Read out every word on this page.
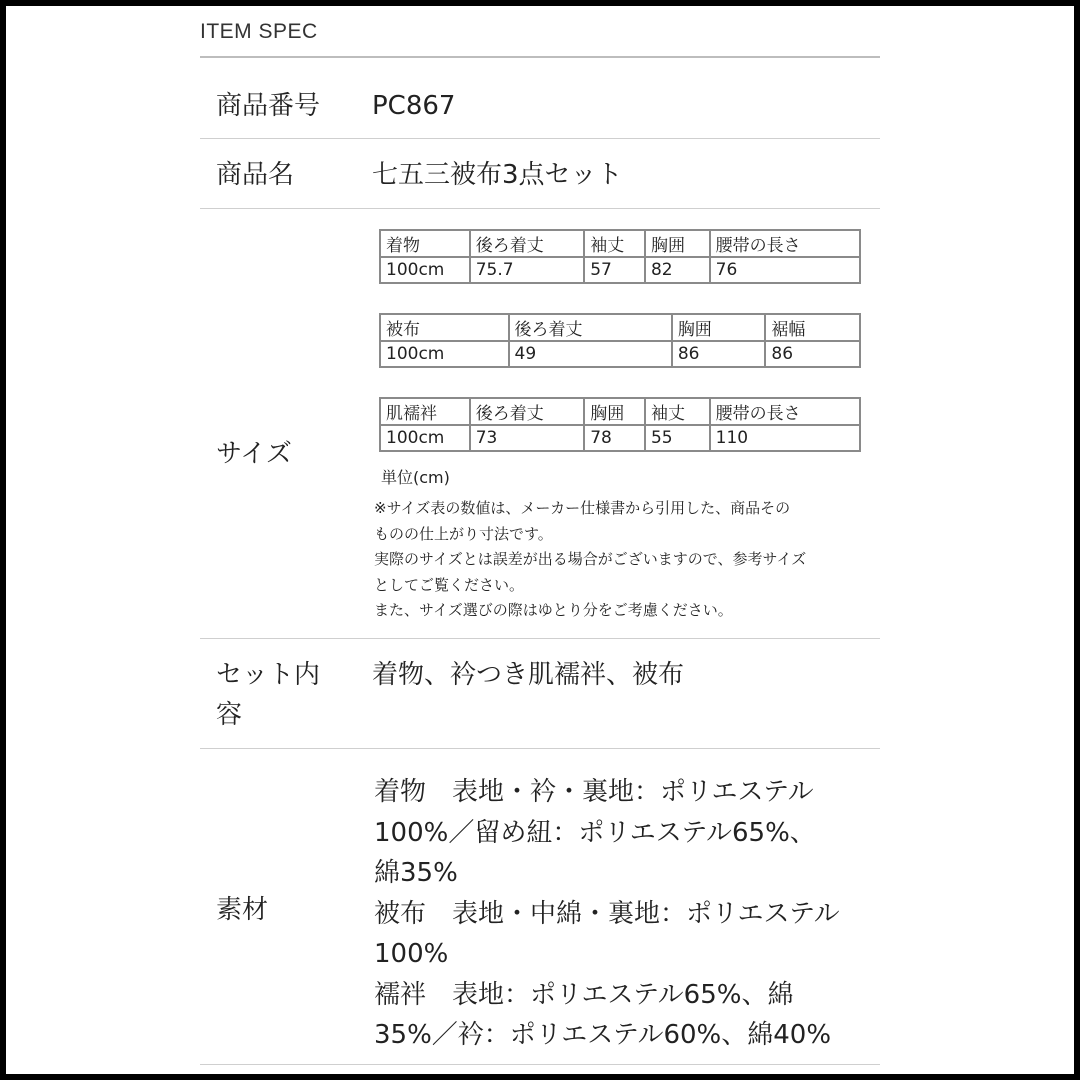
ITEM SPEC
商品番号 PC867
商品名	七五三被布3点セット
サイズ
着物	後ろ着丈	袖丈	胸囲	腰帯の長さ
100cm	75.7	57	82	76
被布	後ろ着丈	胸囲	裾幅
100cm	49	86	86
肌襦袢	後ろ着丈	胸囲	袖丈	腰帯の長さ
100cm	73	78	55	110
単位(cm)
※サイズ表の数値は、メーカー仕様書から引用した、商品その
ものの仕上がり寸法です。
実際のサイズとは誤差が出る場合がございますので、参考サイズ
としてご覧ください。
また、サイズ選びの際はゆとり分をご考慮ください。
セット内
容
着物、衿つき肌襦袢、被布
素材
着物　表地・衿・裏地：ポリエステル
100%／留め紐：ポリエステル65%、
綿35%
被布　表地・中綿・裏地：ポリエステル
100%
襦袢　表地：ポリエステル65%、綿
35%／衿：ポリエステル60%、綿40%
